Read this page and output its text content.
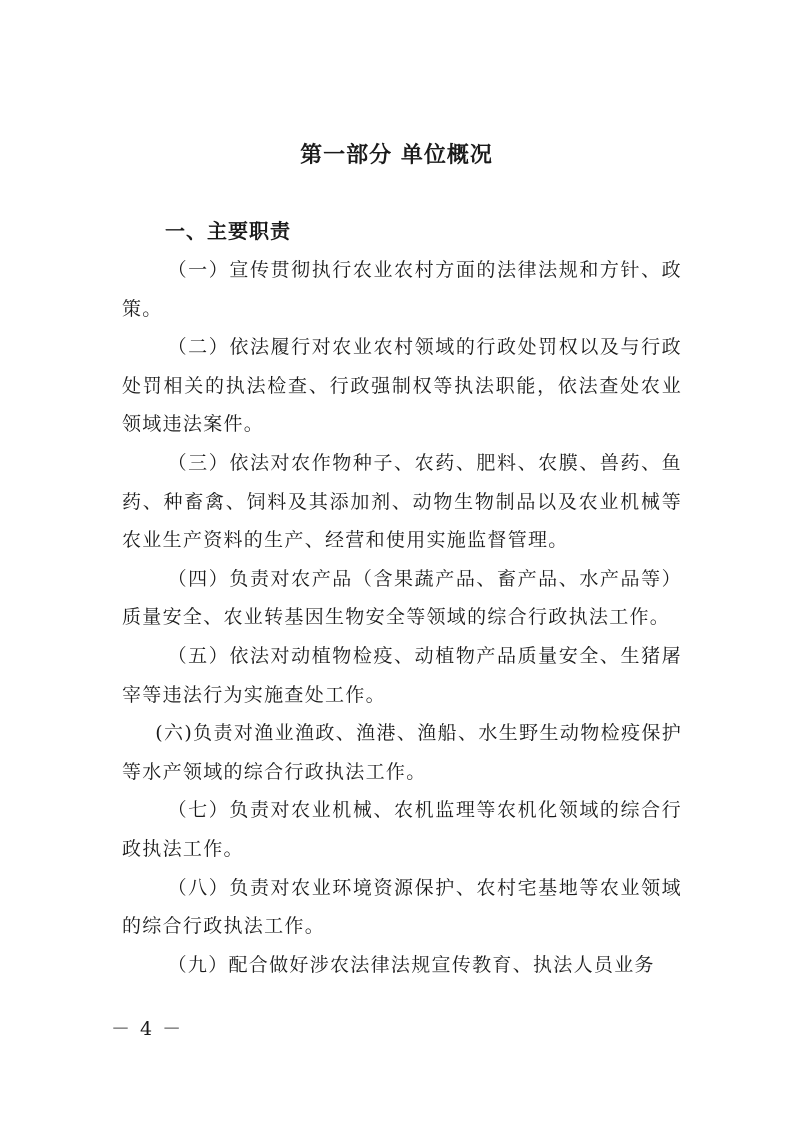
第一部分 单位概况
一、主要职责

（一）宣传贯彻执行农业农村方面的法律法规和方针、政策。

（二）依法履行对农业农村领域的行政处罚权以及与行政处罚相关的执法检查、行政强制权等执法职能，依法查处农业领域违法案件。

（三）依法对农作物种子、农药、肥料、农膜、兽药、鱼药、种畜禽、饲料及其添加剂、动物生物制品以及农业机械等农业生产资料的生产、经营和使用实施监督管理。

（四）负责对农产品（含果蔬产品、畜产品、水产品等）质量安全、农业转基因生物安全等领域的综合行政执法工作。

（五）依法对动植物检疫、动植物产品质量安全、生猪屠宰等违法行为实施查处工作。

(六)负责对渔业渔政、渔港、渔船、水生野生动物检疫保护等水产领域的综合行政执法工作。

（七）负责对农业机械、农机监理等农机化领域的综合行政执法工作。

（八）负责对农业环境资源保护、农村宅基地等农业领域的综合行政执法工作。

（九）配合做好涉农法律法规宣传教育、执法人员业务

－ 4 －
